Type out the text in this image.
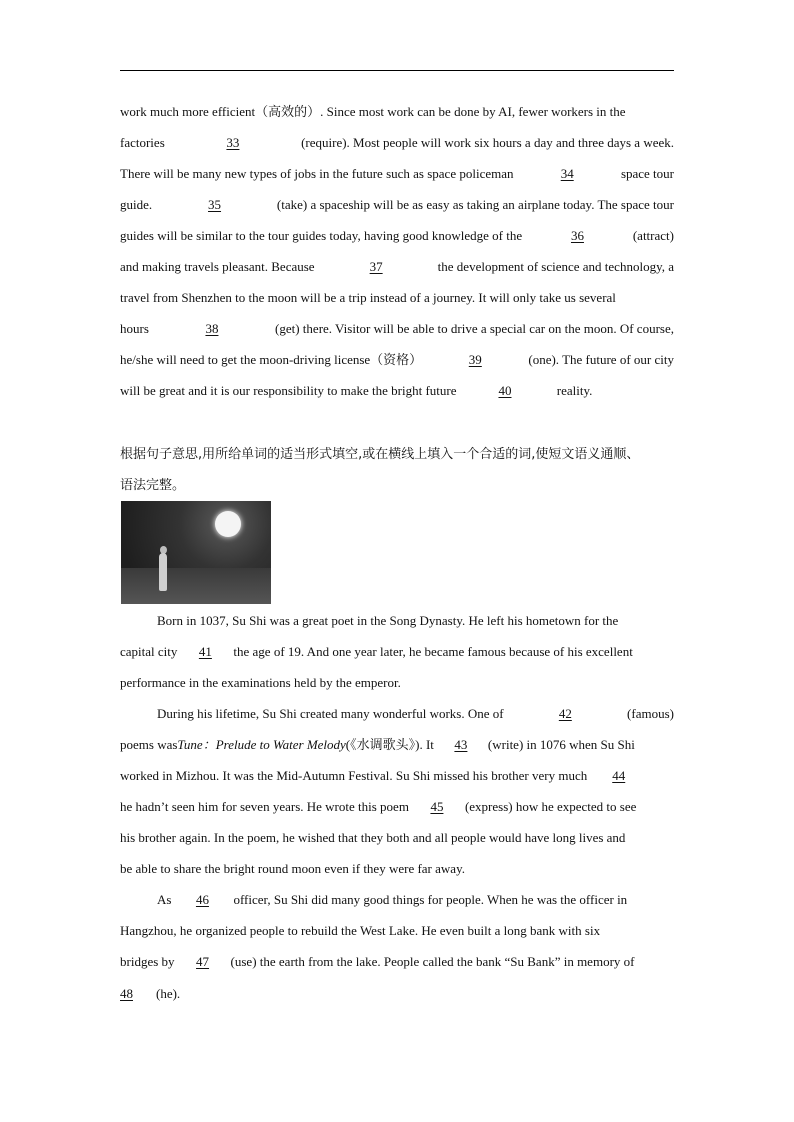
work much more efficient（高效的）. Since most work can be done by AI, fewer workers in the
factories	33	(require). Most people will work six hours a day and three days a week.
There will be many new types of jobs in the future such as space policeman	34	space tour
guide.	35	(take) a spaceship will be as easy as taking an airplane today. The space tour
guides will be similar to the tour guides today, having good knowledge of the	36	(attract)
and making travels pleasant. Because	37	the development of science and technology, a
travel from Shenzhen to the moon will be a trip instead of a journey. It will only take us several
hours	38	(get) there. Visitor will be able to drive a special car on the moon. Of course,
he/she will need to get the moon-driving license（资格）	39	(one). The future of our city
will be great and it is our responsibility to make the bright future
	40
	reality.
根据句子意思,用所给单词的适当形式填空,或在横线上填入一个合适的词,使短文语义通顺、
语法完整。
Born in 1037, Su Shi was a great poet in the Song Dynasty. He left his hometown for the
capital city	41	the age of 19. And one year later, he became famous because of his excellent
performance in the examinations held by the emperor.
During his lifetime, Su Shi created many wonderful works. One of	42	(famous)
poems was Tune：Prelude to Water Melody (《水调歌头》). It	43	(write) in 1076 when Su Shi
worked in Mizhou. It was the Mid-Autumn Festival. Su Shi missed his brother very much	44
he hadn’t seen him for seven years. He wrote this poem	45	(express) how he expected to see
his brother again. In the poem, he wished that they both and all people would have long lives and
be able to share the bright round moon even if they were far away.
As	46	officer, Su Shi did many good things for people. When he was the officer in
Hangzhou, he organized people to rebuild the West Lake. He even built a long bank with six
bridges by	47	(use) the earth from the lake. People called the bank “Su Bank” in memory of
48	(he).
